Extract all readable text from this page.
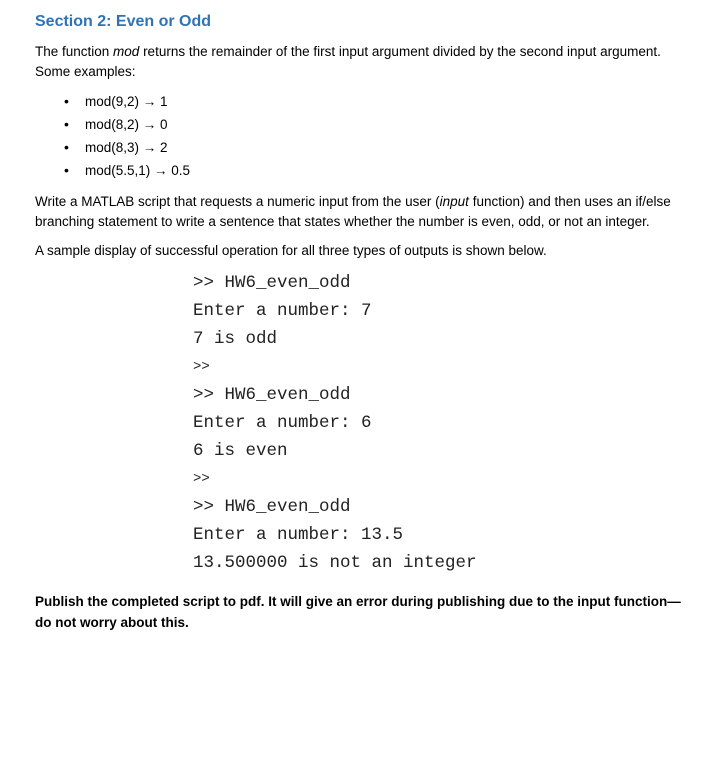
Section 2: Even or Odd

The function mod returns the remainder of the first input argument divided by the second input argument. Some examples:

• mod(9,2) → 1
• mod(8,2) → 0
• mod(8,3) → 2
• mod(5.5,1) → 0.5

Write a MATLAB script that requests a numeric input from the user (input function) and then uses an if/else branching statement to write a sentence that states whether the number is even, odd, or not an integer.

A sample display of successful operation for all three types of outputs is shown below.

>> HW6_even_odd
Enter a number: 7
7 is odd
>>
>> HW6_even_odd
Enter a number: 6
6 is even
>>
>> HW6_even_odd
Enter a number: 13.5
13.500000 is not an integer

Publish the completed script to pdf. It will give an error during publishing due to the input function—do not worry about this.
